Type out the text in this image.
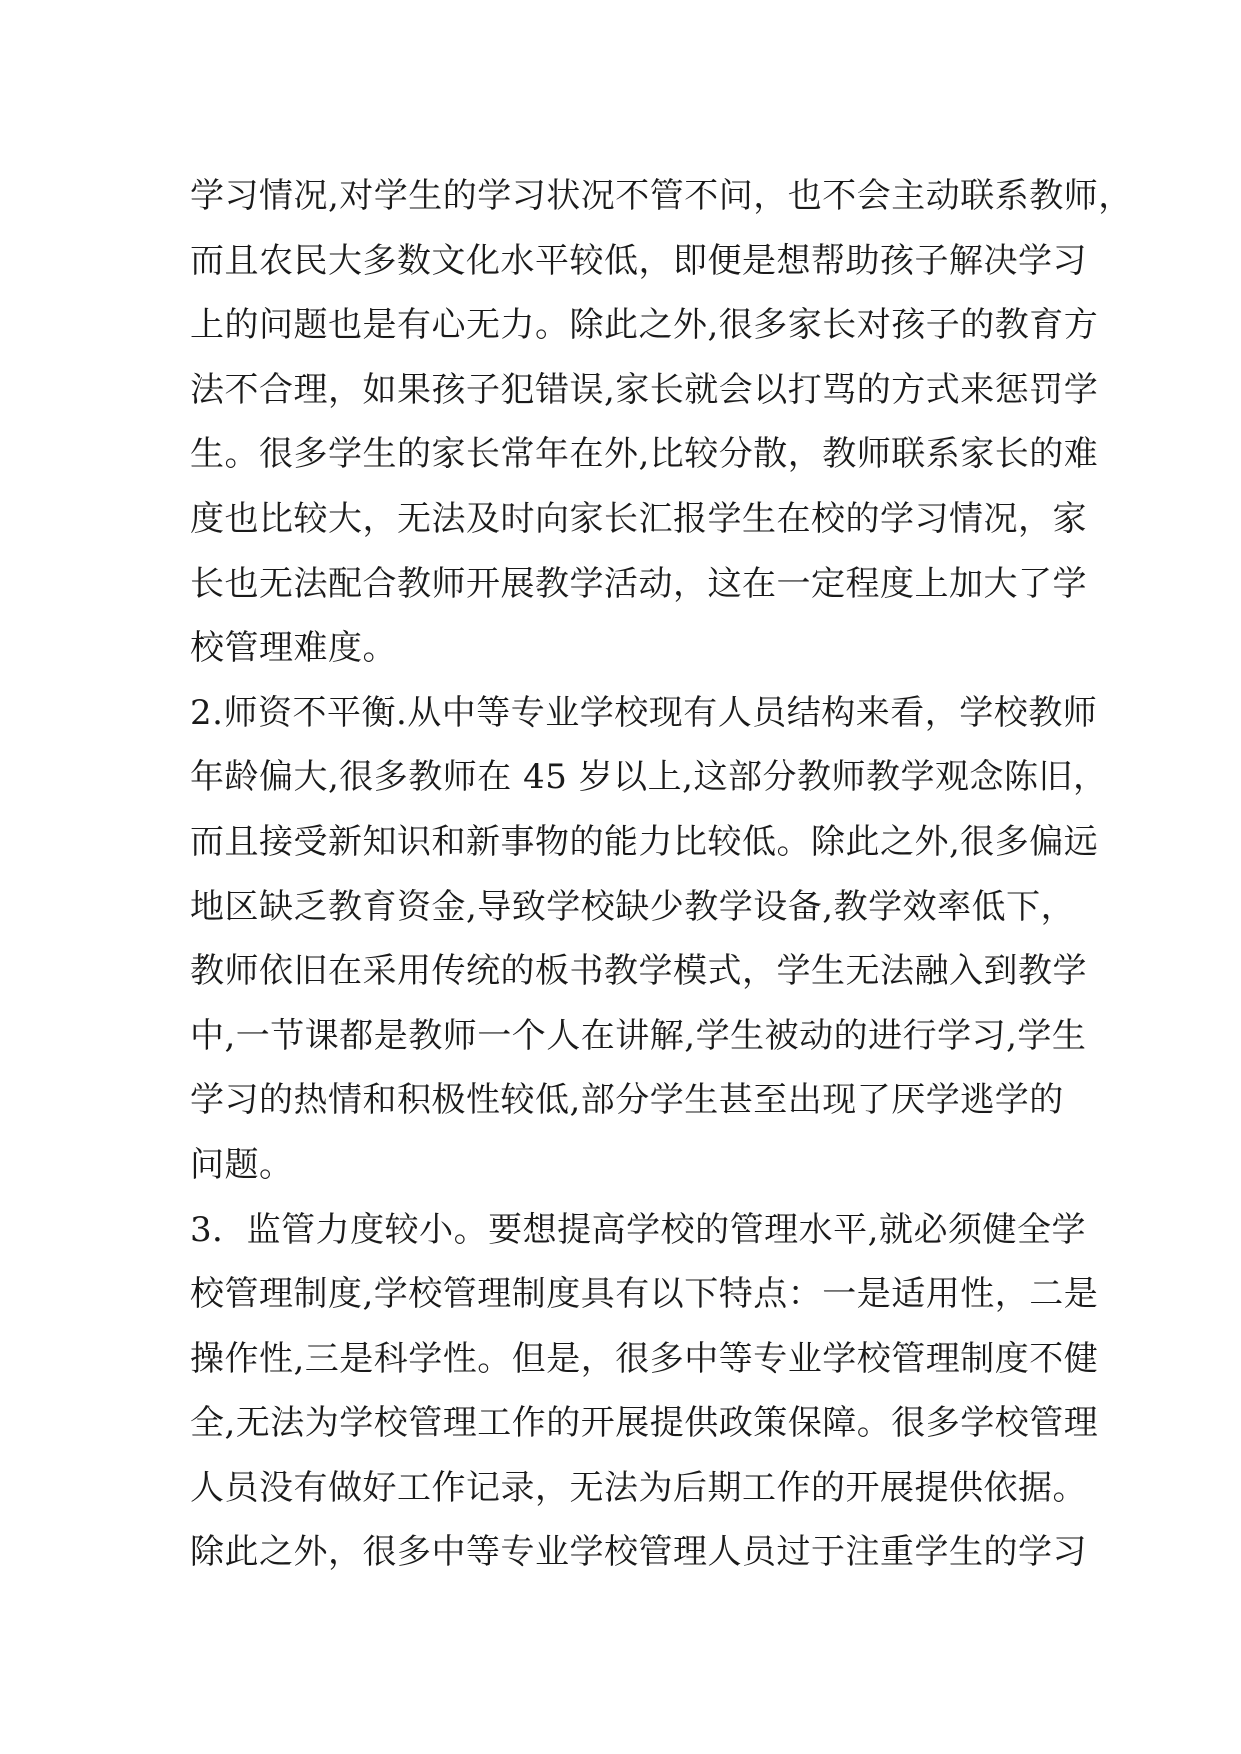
学习情况,对学生的学习状况不管不问，也不会主动联系教师，
而且农民大多数文化水平较低，即便是想帮助孩子解决学习
上的问题也是有心无力。除此之外,很多家长对孩子的教育方
法不合理，如果孩子犯错误,家长就会以打骂的方式来惩罚学
生。很多学生的家长常年在外,比较分散，教师联系家长的难
度也比较大，无法及时向家长汇报学生在校的学习情况，家
长也无法配合教师开展教学活动，这在一定程度上加大了学
校管理难度。
2.师资不平衡.从中等专业学校现有人员结构来看，学校教师
年龄偏大,很多教师在 45 岁以上,这部分教师教学观念陈旧，
而且接受新知识和新事物的能力比较低。除此之外,很多偏远
地区缺乏教育资金,导致学校缺少教学设备,教学效率低下，
教师依旧在采用传统的板书教学模式，学生无法融入到教学
中,一节课都是教师一个人在讲解,学生被动的进行学习,学生
学习的热情和积极性较低,部分学生甚至出现了厌学逃学的
问题。
3．监管力度较小。要想提高学校的管理水平,就必须健全学
校管理制度,学校管理制度具有以下特点：一是适用性，二是
操作性,三是科学性。但是，很多中等专业学校管理制度不健
全,无法为学校管理工作的开展提供政策保障。很多学校管理
人员没有做好工作记录，无法为后期工作的开展提供依据。
除此之外，很多中等专业学校管理人员过于注重学生的学习
